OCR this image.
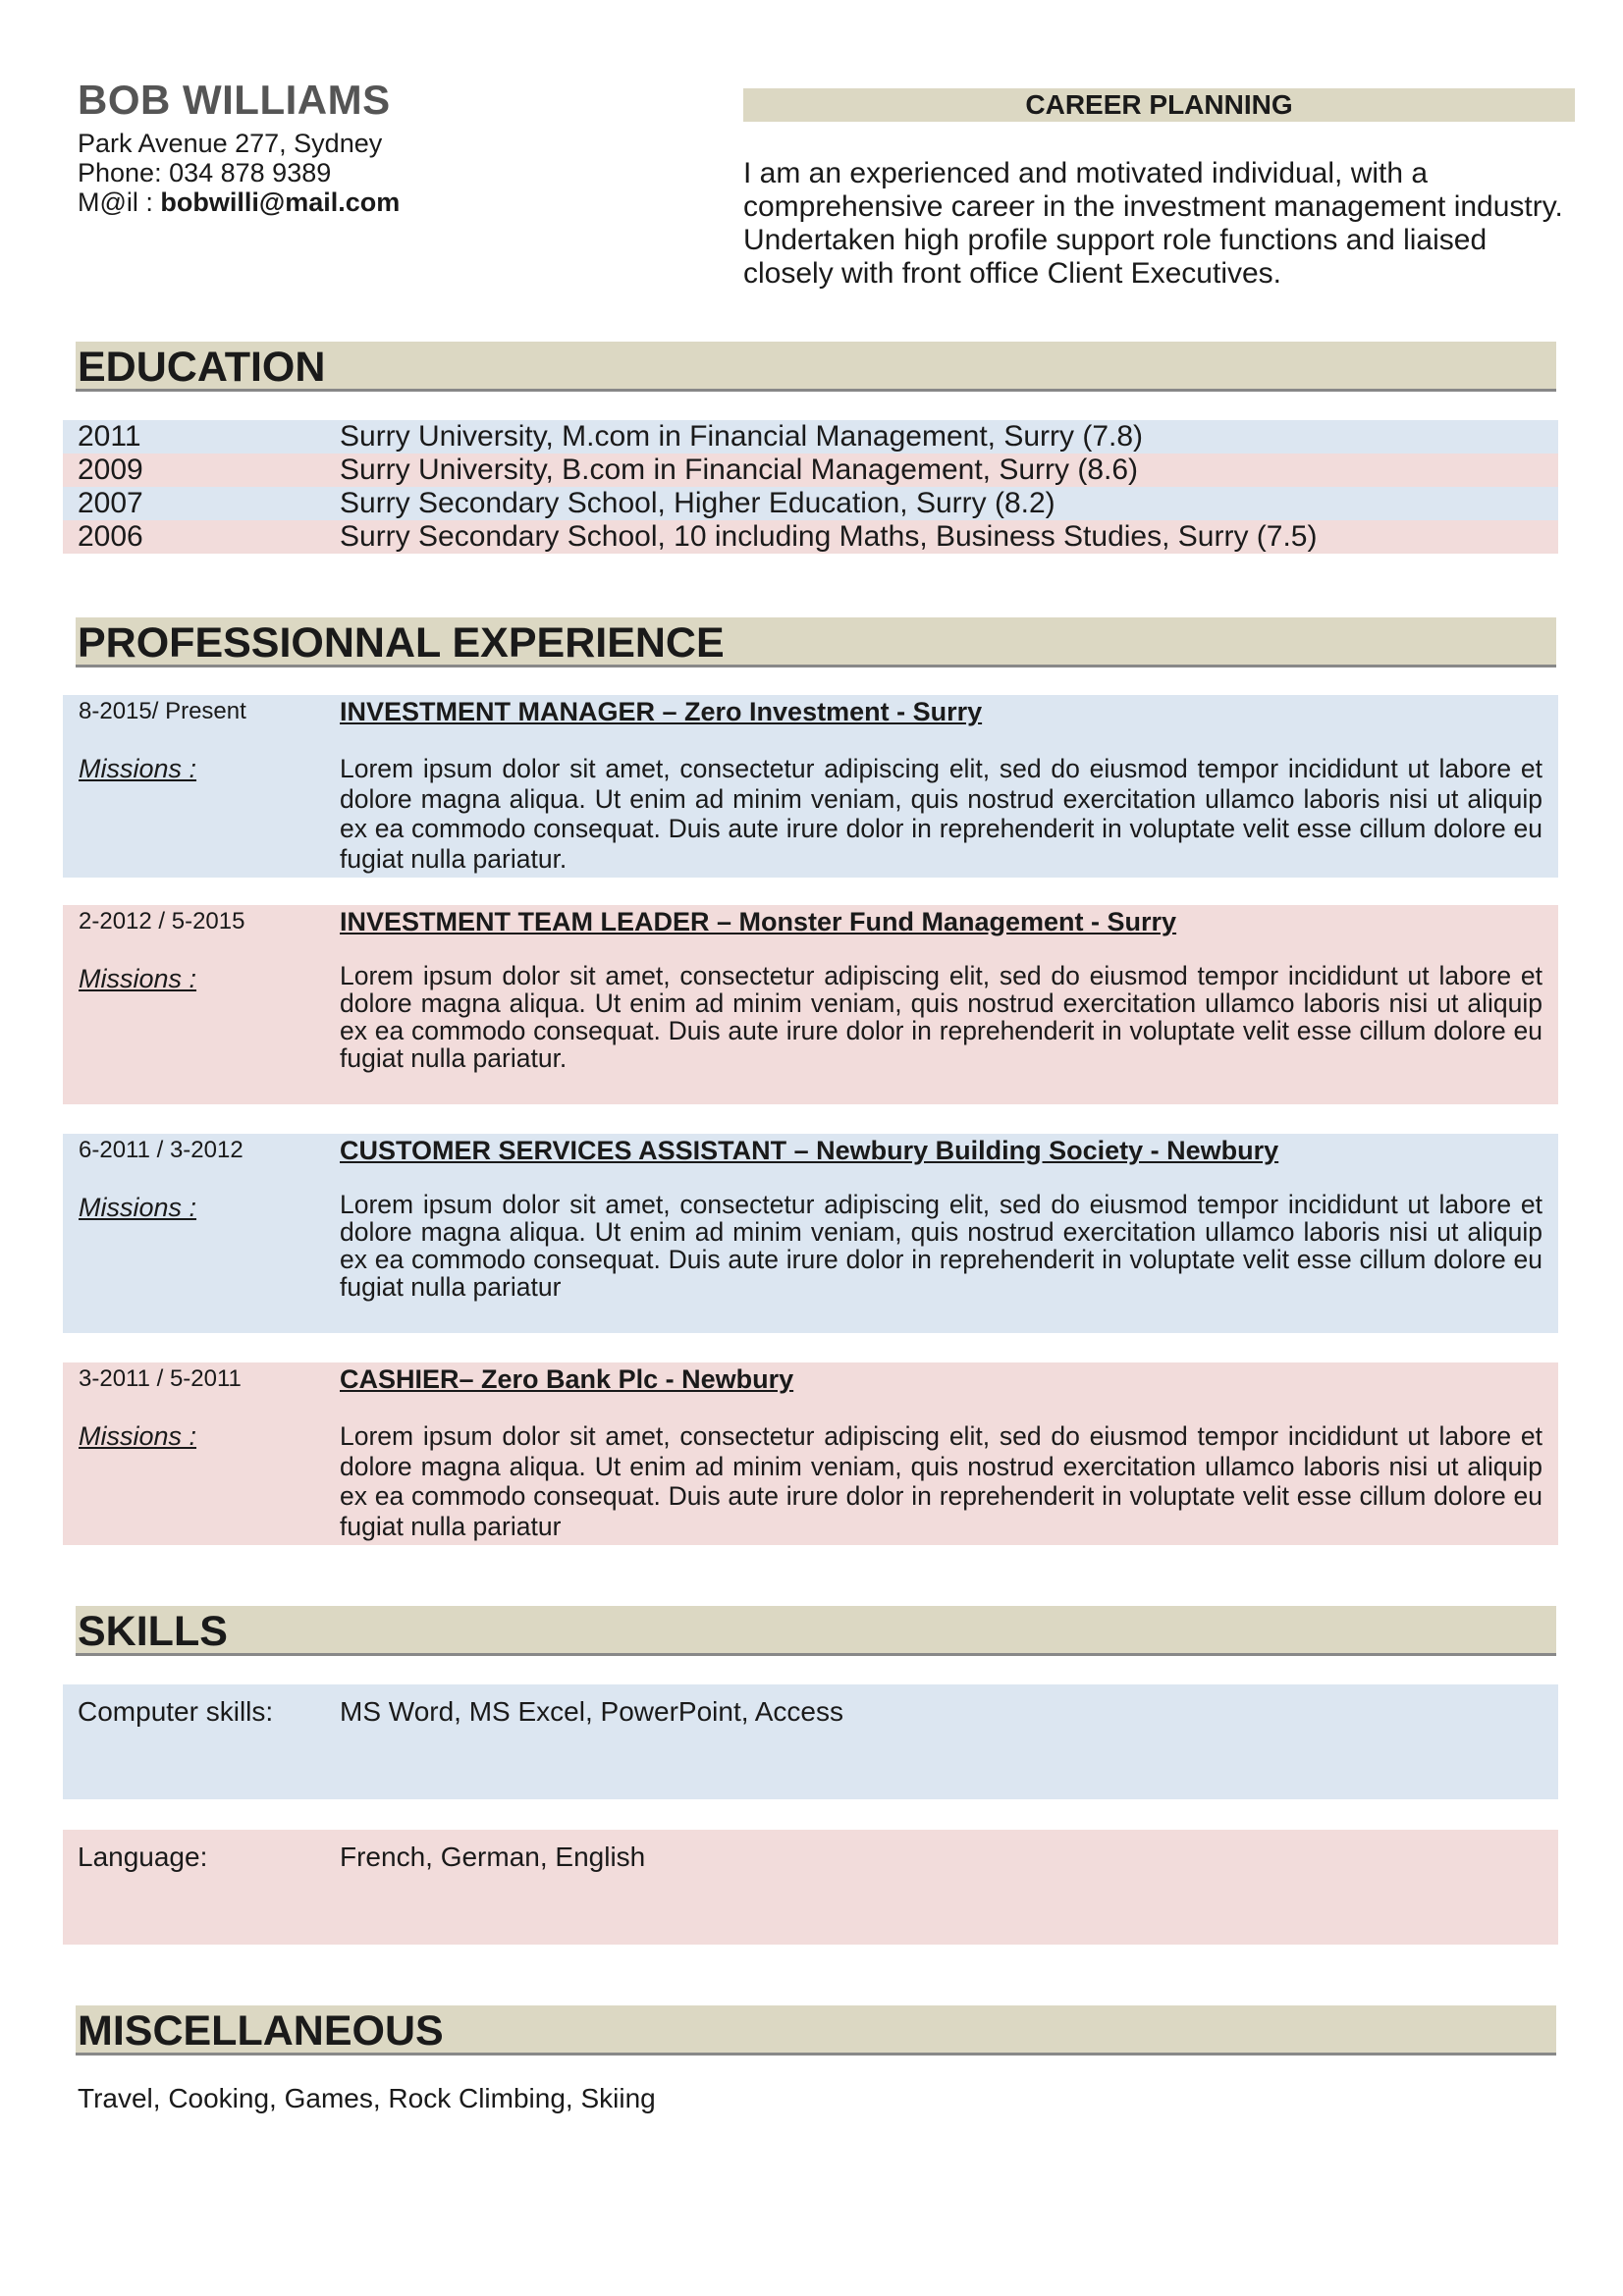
BOB WILLIAMS
Park Avenue 277, Sydney
Phone: 034 878 9389
M@il : bobwilli@mail.com
CAREER PLANNING
I am an experienced and motivated individual, with a comprehensive career in the investment management industry. Undertaken high profile support role functions and liaised closely with front office Client Executives.
EDUCATION
2011	Surry University, M.com in Financial Management, Surry (7.8)
2009	Surry University, B.com in Financial Management, Surry (8.6)
2007	Surry Secondary School, Higher Education, Surry (8.2)
2006	Surry Secondary School, 10 including Maths, Business Studies, Surry (7.5)
PROFESSIONNAL EXPERIENCE
8-2015/ Present	INVESTMENT MANAGER – Zero Investment - Surry
Missions :	Lorem ipsum dolor sit amet, consectetur adipiscing elit, sed do eiusmod tempor incididunt ut labore et dolore magna aliqua. Ut enim ad minim veniam, quis nostrud exercitation ullamco laboris nisi ut aliquip ex ea commodo consequat. Duis aute irure dolor in reprehenderit in voluptate velit esse cillum dolore eu fugiat nulla pariatur.
2-2012 / 5-2015	INVESTMENT TEAM LEADER – Monster Fund Management - Surry
Missions :	Lorem ipsum dolor sit amet, consectetur adipiscing elit, sed do eiusmod tempor incididunt ut labore et dolore magna aliqua. Ut enim ad minim veniam, quis nostrud exercitation ullamco laboris nisi ut aliquip ex ea commodo consequat. Duis aute irure dolor in reprehenderit in voluptate velit esse cillum dolore eu fugiat nulla pariatur.
6-2011 / 3-2012	CUSTOMER SERVICES ASSISTANT – Newbury Building Society - Newbury
Missions :	Lorem ipsum dolor sit amet, consectetur adipiscing elit, sed do eiusmod tempor incididunt ut labore et dolore magna aliqua. Ut enim ad minim veniam, quis nostrud exercitation ullamco laboris nisi ut aliquip ex ea commodo consequat. Duis aute irure dolor in reprehenderit in voluptate velit esse cillum dolore eu fugiat nulla pariatur
3-2011 / 5-2011	CASHIER– Zero Bank Plc - Newbury
Missions :	Lorem ipsum dolor sit amet, consectetur adipiscing elit, sed do eiusmod tempor incididunt ut labore et dolore magna aliqua. Ut enim ad minim veniam, quis nostrud exercitation ullamco laboris nisi ut aliquip ex ea commodo consequat. Duis aute irure dolor in reprehenderit in voluptate velit esse cillum dolore eu fugiat nulla pariatur
SKILLS
Computer skills: MS Word, MS Excel, PowerPoint, Access
Language:	French, German, English
MISCELLANEOUS
Travel, Cooking, Games, Rock Climbing, Skiing
